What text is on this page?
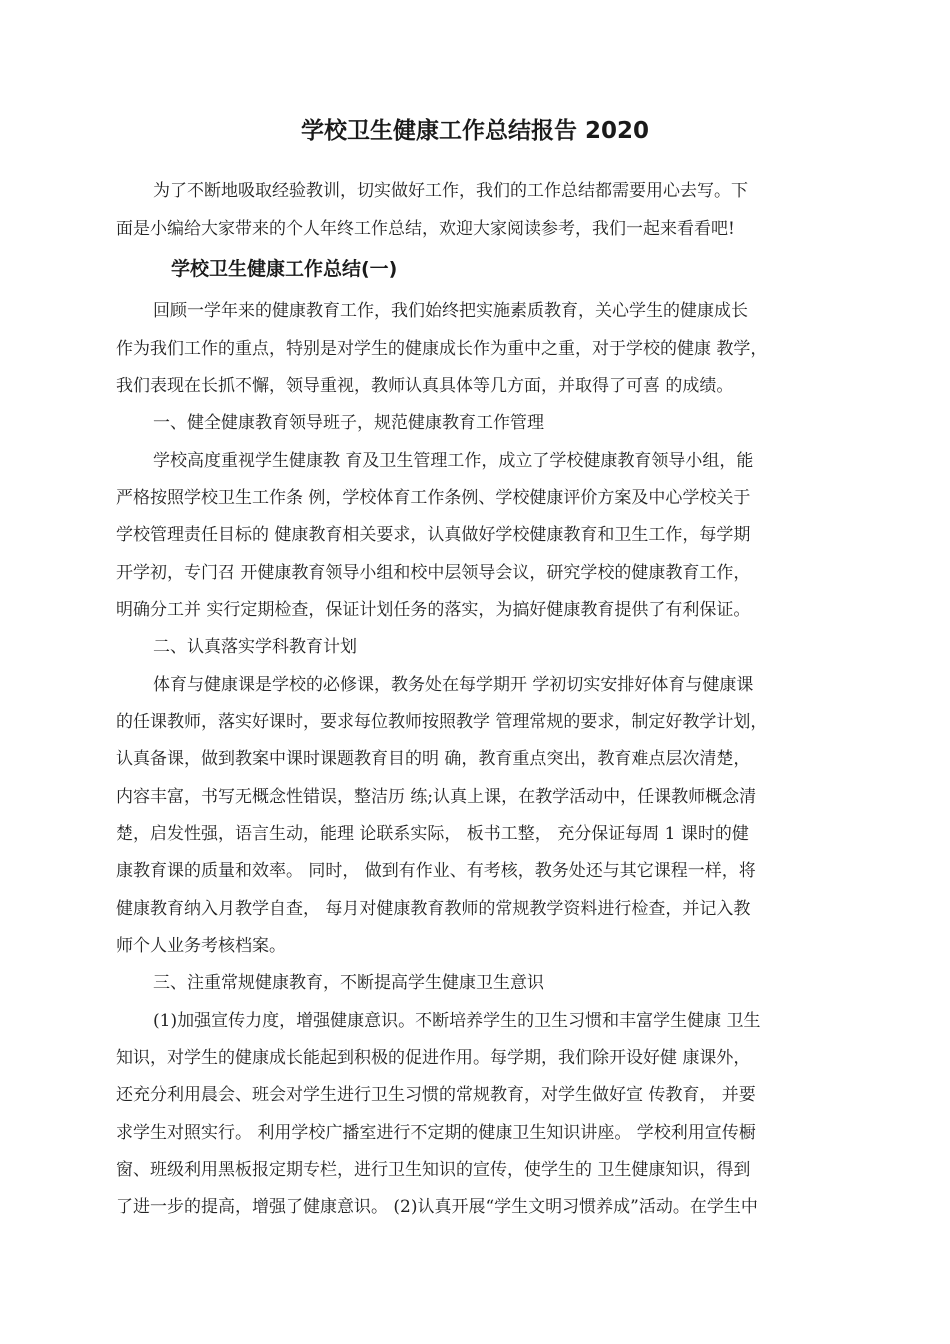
学校卫生健康工作总结报告 2020
为了不断地吸取经验教训，切实做好工作，我们的工作总结都需要用心去写。下
面是小编给大家带来的个人年终工作总结，欢迎大家阅读参考，我们一起来看看吧!
学校卫生健康工作总结(一)
回顾一学年来的健康教育工作，我们始终把实施素质教育，关心学生的健康成长
作为我们工作的重点，特别是对学生的健康成长作为重中之重，对于学校的健康 教学，
我们表现在长抓不懈，领导重视，教师认真具体等几方面，并取得了可喜 的成绩。
一、健全健康教育领导班子，规范健康教育工作管理
学校高度重视学生健康教 育及卫生管理工作，成立了学校健康教育领导小组，能
严格按照学校卫生工作条 例，学校体育工作条例、学校健康评价方案及中心学校关于
学校管理责任目标的 健康教育相关要求，认真做好学校健康教育和卫生工作，每学期
开学初，专门召 开健康教育领导小组和校中层领导会议，研究学校的健康教育工作，
明确分工并 实行定期检查，保证计划任务的落实，为搞好健康教育提供了有利保证。
二、认真落实学科教育计划
体育与健康课是学校的必修课，教务处在每学期开 学初切实安排好体育与健康课
的任课教师，落实好课时，要求每位教师按照教学 管理常规的要求，制定好教学计划，
认真备课，做到教案中课时课题教育目的明 确，教育重点突出，教育难点层次清楚，
内容丰富，书写无概念性错误，整洁历 练;认真上课，在教学活动中，任课教师概念清
楚，启发性强，语言生动，能理 论联系实际， 板书工整， 充分保证每周 1 课时的健
康教育课的质量和效率。 同时， 做到有作业、有考核，教务处还与其它课程一样，将
健康教育纳入月教学自查， 每月对健康教育教师的常规教学资料进行检查，并记入教
师个人业务考核档案。
三、注重常规健康教育，不断提高学生健康卫生意识
(1)加强宣传力度，增强健康意识。不断培养学生的卫生习惯和丰富学生健康 卫生
知识，对学生的健康成长能起到积极的促进作用。每学期，我们除开设好健 康课外，
还充分利用晨会、班会对学生进行卫生习惯的常规教育，对学生做好宣 传教育， 并要
求学生对照实行。 利用学校广播室进行不定期的健康卫生知识讲座。 学校利用宣传橱
窗、班级利用黑板报定期专栏，进行卫生知识的宣传，使学生的 卫生健康知识，得到
了进一步的提高，增强了健康意识。 (2)认真开展“学生文明习惯养成”活动。在学生中
